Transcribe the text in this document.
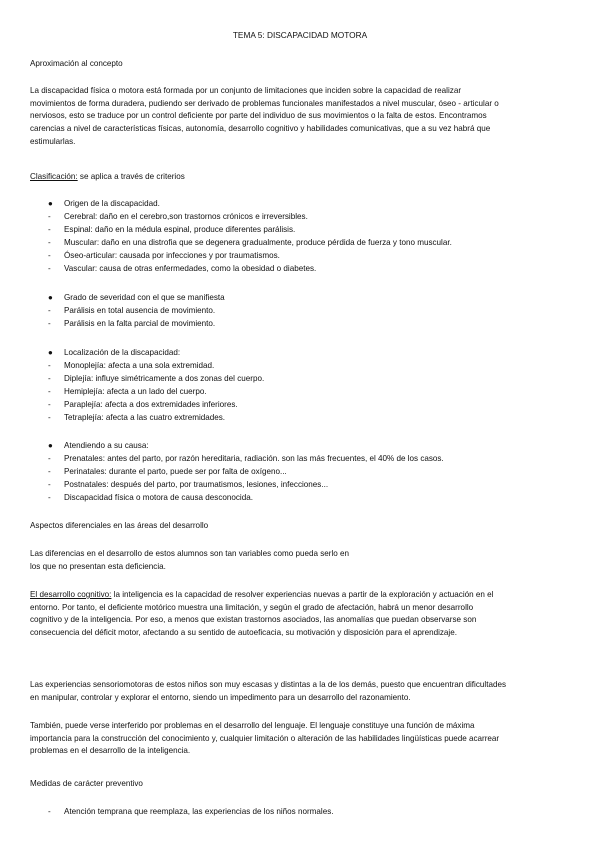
TEMA 5: DISCAPACIDAD MOTORA
Aproximación al concepto

La discapacidad física o motora está formada por un conjunto de limitaciones que inciden sobre la capacidad de realizar

movimientos de forma duradera, pudiendo ser derivado de problemas funcionales manifestados a nivel muscular, óseo - articular o

nerviosos, esto se traduce por un control deficiente por parte del individuo de sus movimientos o la falta de estos. Encontramos

carencias a nivel de características físicas, autonomía, desarrollo cognitivo y habilidades comunicativas, que a su vez habrá que

estimularlas.

Clasificación: se aplica a través de criterios
●	Origen de la discapacidad.
-	Cerebral: daño en el cerebro,son trastornos crónicos e irreversibles.
-	Espinal: daño en la médula espinal, produce diferentes parálisis.
-	Muscular: daño en una distrofia que se degenera gradualmente, produce pérdida de fuerza y tono muscular.
-	Óseo-articular: causada por infecciones y por traumatismos.
-	Vascular: causa de otras enfermedades, como la obesidad o diabetes.
●	Grado de severidad con el que se manifiesta
-	Parálisis en total ausencia de movimiento.
-	Parálisis en la falta parcial de movimiento.
●	Localización de la discapacidad:
-	Monoplejía: afecta a una sola extremidad.
-	Diplejía: influye simétricamente a dos zonas del cuerpo.
-	Hemiplejía: afecta a un lado del cuerpo.
-	Paraplejía: afecta a dos extremidades inferiores.
-	Tetraplejía: afecta a las cuatro extremidades.
●	Atendiendo a su causa:
-	Prenatales: antes del parto, por razón hereditaria, radiación. son las más frecuentes, el 40% de los casos.
-	Perinatales: durante el parto, puede ser por falta de oxígeno...
-	Postnatales: después del parto, por traumatismos, lesiones, infecciones...
-	Discapacidad física o motora de causa desconocida.
Aspectos diferenciales en las áreas del desarrollo

Las diferencias en el desarrollo de estos alumnos son tan variables como pueda serlo en

los que no presentan esta deficiencia.

El desarrollo cognitivo: la inteligencia es la capacidad de resolver experiencias nuevas a partir de la exploración y actuación en el

entorno. Por tanto, el deficiente motórico muestra una limitación, y según el grado de afectación, habrá un menor desarrollo

cognitivo y de la inteligencia. Por eso, a menos que existan trastornos asociados, las anomalías que puedan observarse son

consecuencia del déficit motor, afectando a su sentido de autoeficacia, su motivación y disposición para el aprendizaje.

Las experiencias sensoriomotoras de estos niños son muy escasas y distintas a la de los demás, puesto que encuentran dificultades

en manipular, controlar y explorar el entorno, siendo un impedimento para un desarrollo del razonamiento.

También, puede verse interferido por problemas en el desarrollo del lenguaje. El lenguaje constituye una función de máxima

importancia para la construcción del conocimiento y, cualquier limitación o alteración de las habilidades lingüísticas puede acarrear

problemas en el desarrollo de la inteligencia.

Medidas de carácter preventivo
-	Atención temprana que reemplaza, las experiencias de los niños normales.
